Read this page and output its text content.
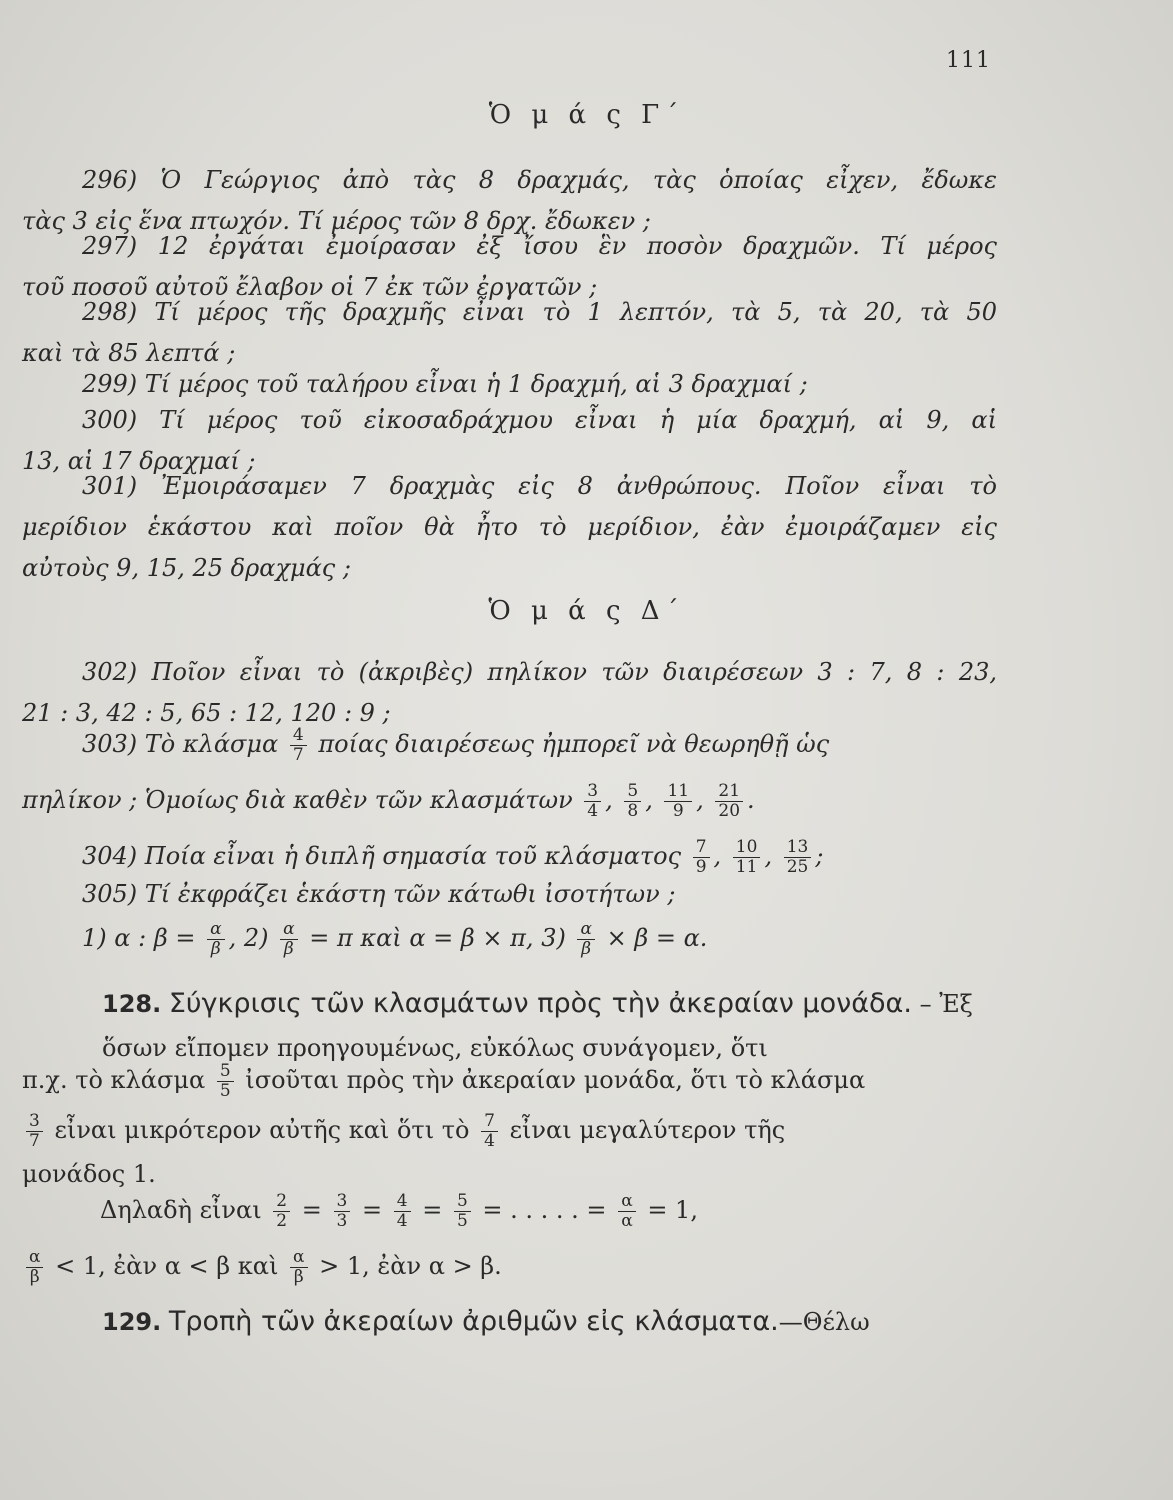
111
Ὁ μ ά ς Γ΄
296) Ὁ Γεώργιος ἀπὸ τὰς 8 δραχμάς, τὰς ὁποίας εἶχεν, ἔδωκε
τὰς 3 εἰς ἕνα πτωχόν. Τί μέρος τῶν 8 δρχ. ἔδωκεν ;
297) 12 ἐργάται ἐμοίρασαν ἐξ ἴσου ἓν ποσὸν δραχμῶν. Τί μέρος
τοῦ ποσοῦ αὐτοῦ ἔλαβον οἱ 7 ἐκ τῶν ἐργατῶν ;
298) Τί μέρος τῆς δραχμῆς εἶναι τὸ 1 λεπτόν, τὰ 5, τὰ 20, τὰ 50
καὶ τὰ 85 λεπτά ;
299) Τί μέρος τοῦ ταλήρου εἶναι ἡ 1 δραχμή, αἱ 3 δραχμαί ;
300) Τί μέρος τοῦ εἰκοσαδράχμου εἶναι ἡ μία δραχμή, αἱ 9, αἱ
13, αἱ 17 δραχμαί ;
301) Ἐμοιράσαμεν 7 δραχμὰς εἰς 8 ἀνθρώπους. Ποῖον εἶναι τὸ
μερίδιον ἑκάστου καὶ ποῖον θὰ ἦτο τὸ μερίδιον, ἐὰν ἐμοιράζαμεν εἰς
αὐτοὺς 9, 15, 25 δραχμάς ;
Ὁ μ ά ς Δ΄
302) Ποῖον εἶναι τὸ (ἀκριβὲς) πηλίκον τῶν διαιρέσεων 3 : 7, 8 : 23,
21 : 3, 42 : 5, 65 : 12, 120 : 9 ;
303) Τὸ κλάσμα $\frac{4}{7}$ ποίας διαιρέσεως ἠμπορεῖ νὰ θεωρηθῇ ὡς
πηλίκον ; Ὁμοίως διὰ καθὲν τῶν κλασμάτων $\frac{3}{4}$ , $\frac{5}{8}$ , $\frac{11}{9}$ , $\frac{21}{20}$ .
304) Ποία εἶναι ἡ διπλῆ σημασία τοῦ κλάσματος $\frac{7}{9}$ , $\frac{10}{11}$ , $\frac{13}{25}$ ;
305) Τί ἐκφράζει ἑκάστη τῶν κάτωθι ἰσοτήτων ;
1) α : $\beta = \frac{\alpha}{\beta}$ , $2) \frac{\alpha}{\beta} = \pi$ καὶ α = β × π, $3) \frac{\alpha}{\beta} \times \beta = \alpha$.
128. Σύγκρισις τῶν κλασμάτων πρὸς τὴν ἀκεραίαν μονάδα. – Ἐξ ὅσων εἴπομεν προηγουμένως, εὐκόλως συνάγομεν, ὅτι
π.χ. τὸ κλάσμα $\frac{5}{5}$ ἰσοῦται πρὸς τὴν ἀκεραίαν μονάδα, ὅτι τὸ κλάσμα
$\frac{3}{7}$ εἶναι μικρότερον αὐτῆς καὶ ὅτι τὸ $\frac{7}{4}$ εἶναι μεγαλύτερον τῆς
μονάδος 1.
Δηλαδὴ εἶναι $\frac{2}{2} = \frac{3}{3} = \frac{4}{4} = \frac{5}{5}$ = . . . . . = $\frac{\alpha}{\alpha} = 1$,
$\frac{\alpha}{\beta} < 1$, ἐὰν α < β καὶ $\frac{\alpha}{\beta} > 1$, ἐὰν α > β.
129. Τροπὴ τῶν ἀκεραίων ἀριθμῶν εἰς κλάσματα.—Θέλω
